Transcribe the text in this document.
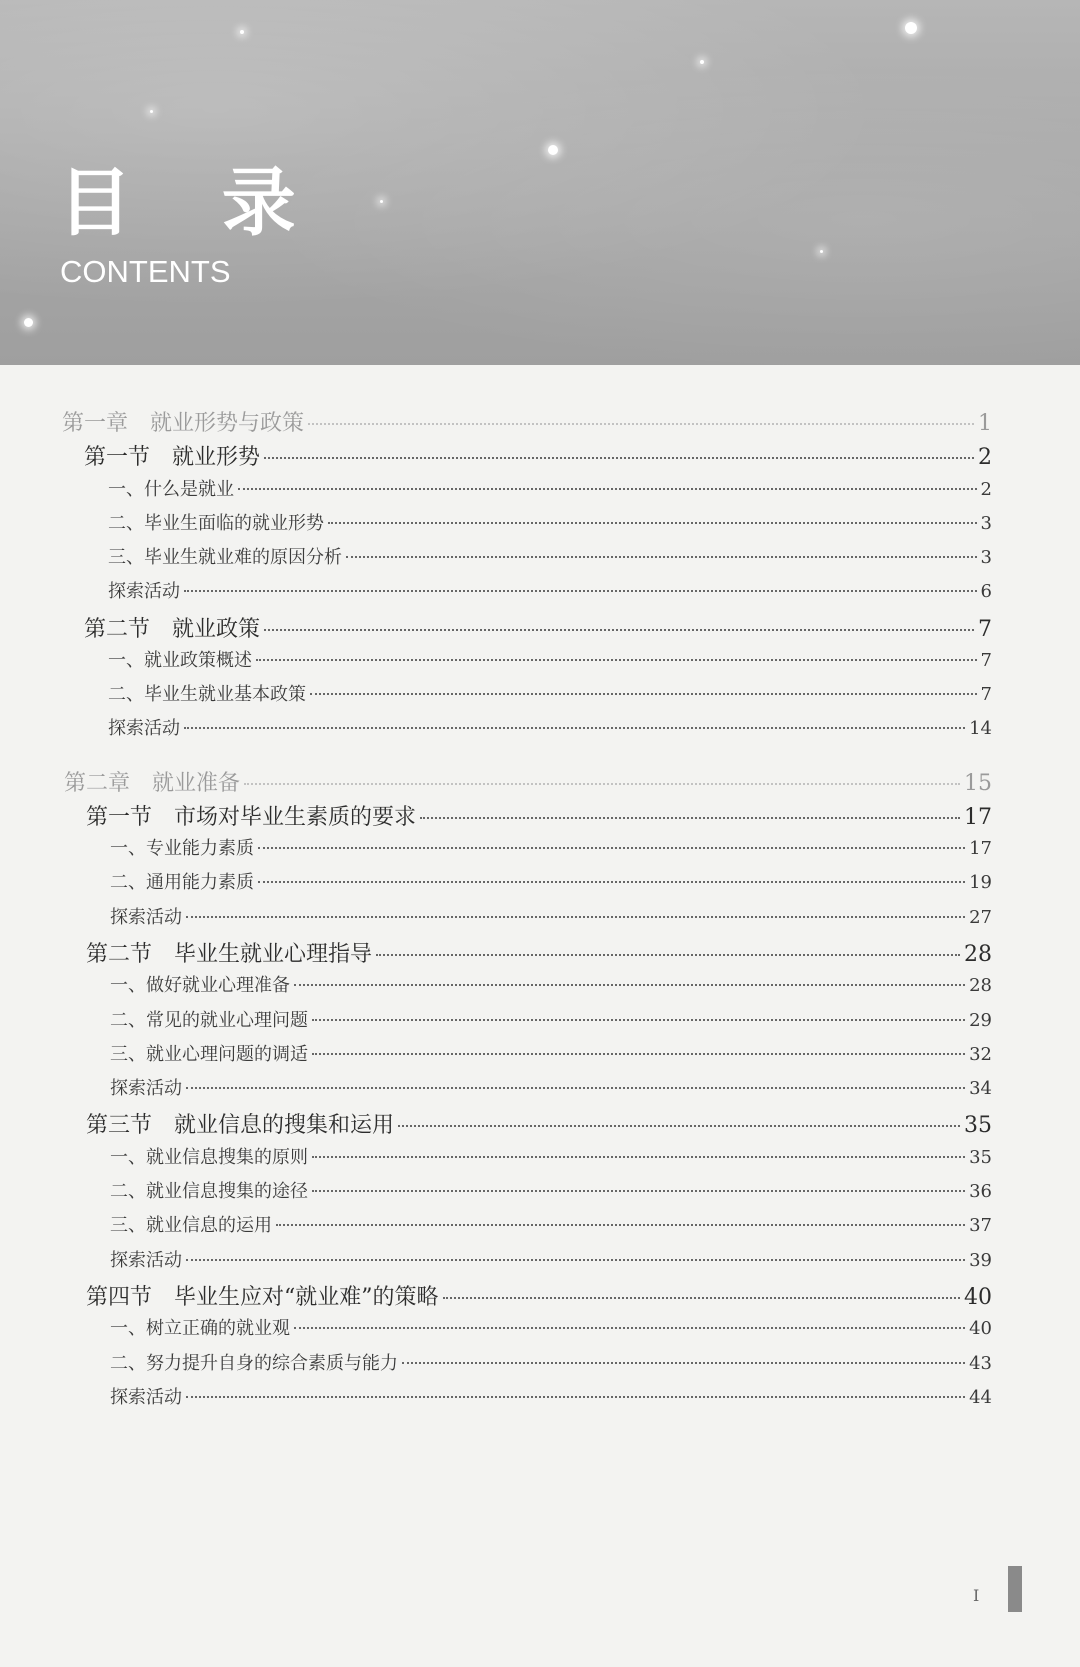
目 录
CONTENTS
第一章 就业形势与政策	1
第一节 就业形势	2
一、什么是就业	2
二、毕业生面临的就业形势	3
三、毕业生就业难的原因分析	3
探索活动	6
第二节 就业政策	7
一、就业政策概述	7
二、毕业生就业基本政策	7
探索活动	14
第二章 就业准备	15
第一节 市场对毕业生素质的要求	17
一、专业能力素质	17
二、通用能力素质	19
探索活动	27
第二节 毕业生就业心理指导	28
一、做好就业心理准备	28
二、常见的就业心理问题	29
三、就业心理问题的调适	32
探索活动	34
第三节 就业信息的搜集和运用	35
一、就业信息搜集的原则	35
二、就业信息搜集的途径	36
三、就业信息的运用	37
探索活动	39
第四节 毕业生应对“就业难”的策略	40
一、树立正确的就业观	40
二、努力提升自身的综合素质与能力	43
探索活动	44
I
